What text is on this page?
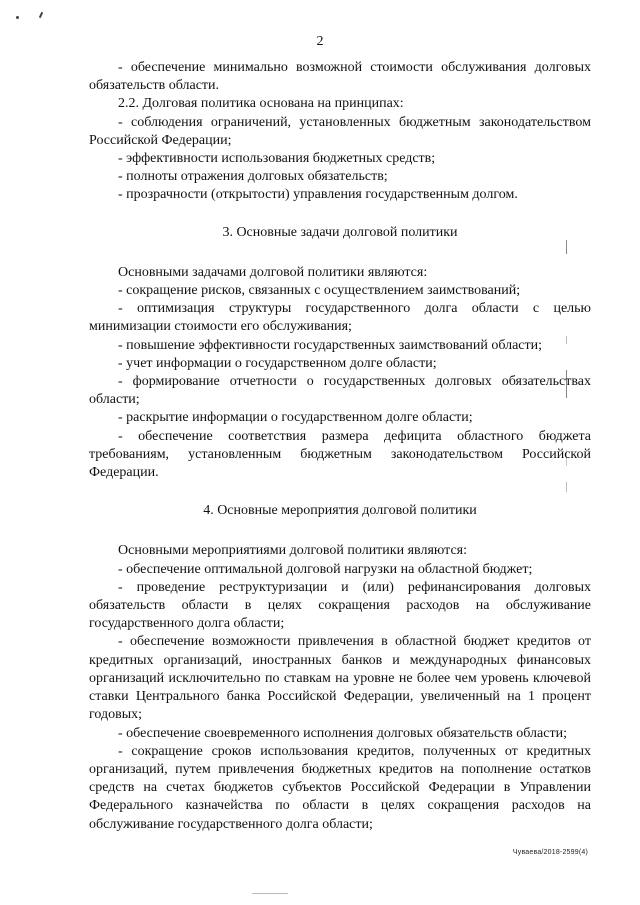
2

- обеспечение минимально возможной стоимости обслуживания долговых обязательств области.

2.2. Долговая политика основана на принципах:

- соблюдения ограничений, установленных бюджетным законодательством Российской Федерации;

- эффективности использования бюджетных средств;

- полноты отражения долговых обязательств;

- прозрачности (открытости) управления государственным долгом.

3. Основные задачи долговой политики

Основными задачами долговой политики являются:

- сокращение рисков, связанных с осуществлением заимствований;

- оптимизация структуры государственного долга области с целью минимизации стоимости его обслуживания;

- повышение эффективности государственных заимствований области;

- учет информации о государственном долге области;

- формирование отчетности о государственных долговых обязательствах области;

- раскрытие информации о государственном долге области;

- обеспечение соответствия размера дефицита областного бюджета требованиям, установленным бюджетным законодательством Российской Федерации.

4. Основные мероприятия долговой политики

Основными мероприятиями долговой политики являются:

- обеспечение оптимальной долговой нагрузки на областной бюджет;

- проведение реструктуризации и (или) рефинансирования долговых обязательств области в целях сокращения расходов на обслуживание государственного долга области;

- обеспечение возможности привлечения в областной бюджет кредитов от кредитных организаций, иностранных банков и международных финансовых организаций исключительно по ставкам на уровне не более чем уровень ключевой ставки Центрального банка Российской Федерации, увеличенный на 1 процент годовых;

- обеспечение своевременного исполнения долговых обязательств области;

- сокращение сроков использования кредитов, полученных от кредитных организаций, путем привлечения бюджетных кредитов на пополнение остатков средств на счетах бюджетов субъектов Российской Федерации в Управлении Федерального казначейства по области в целях сокращения расходов на обслуживание государственного долга области;

Чуваева/2018-2599(4)
